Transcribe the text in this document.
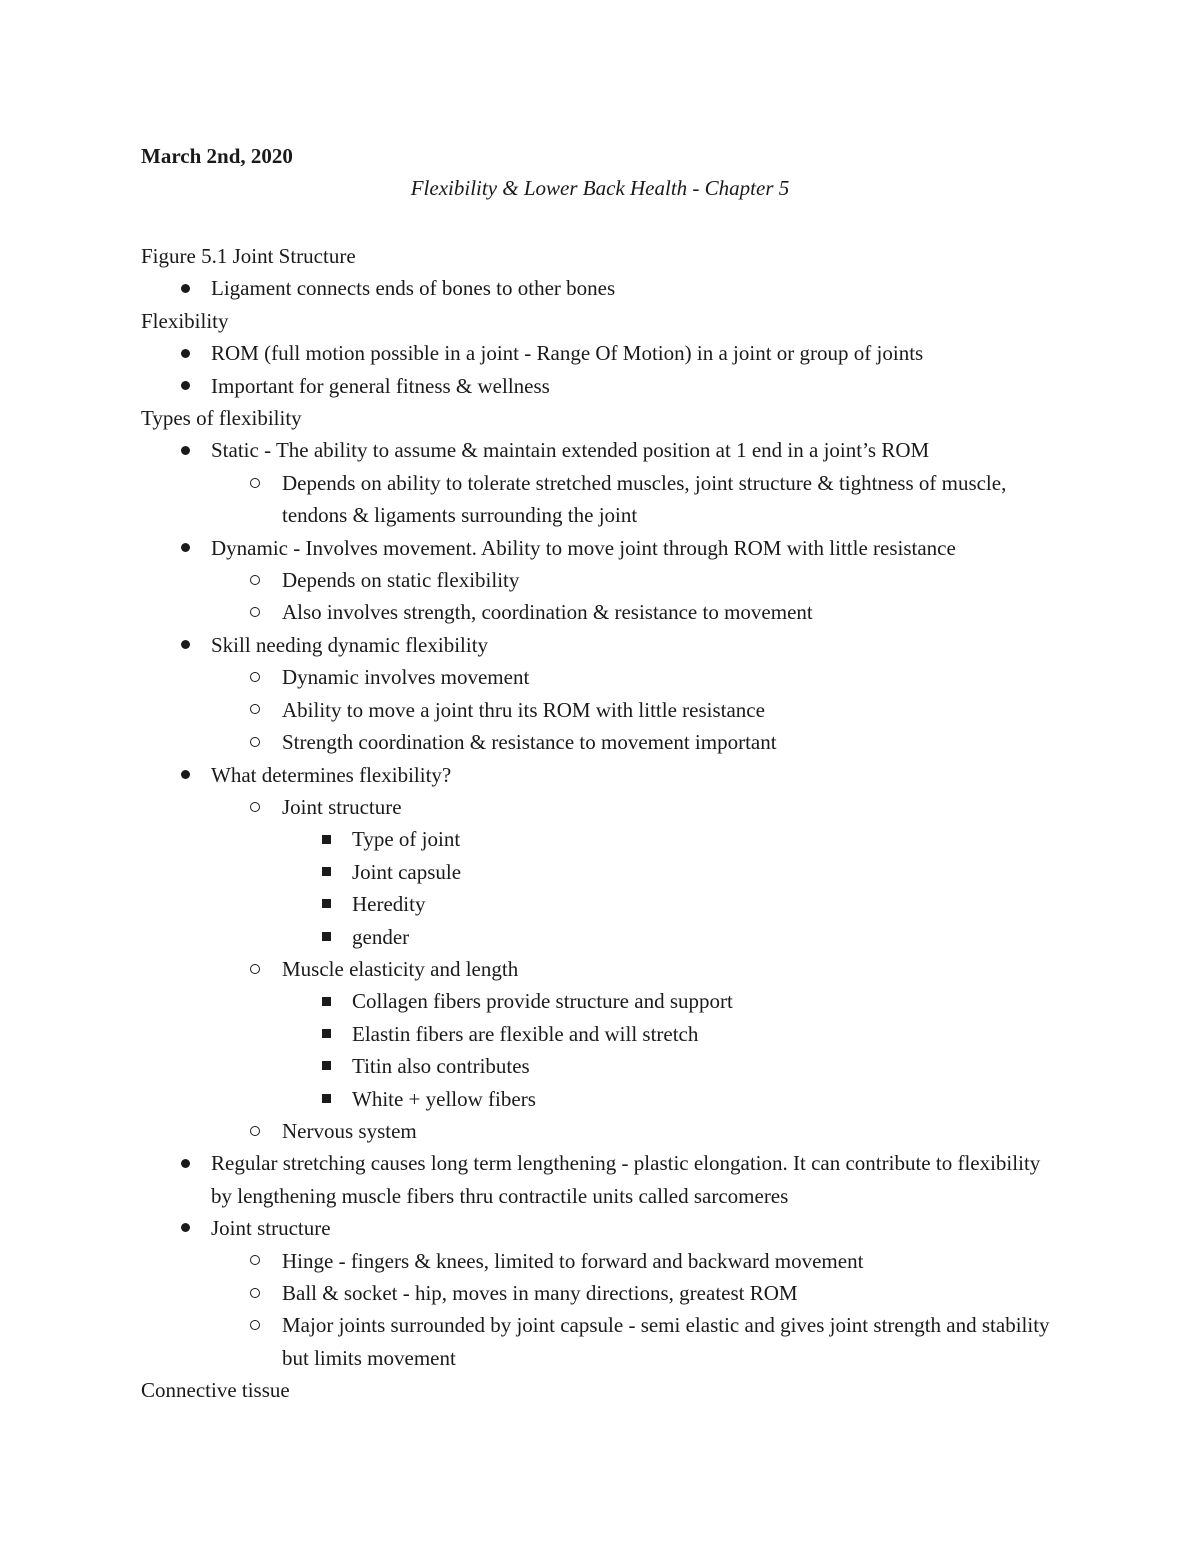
March 2nd, 2020
Flexibility & Lower Back Health - Chapter 5
Figure 5.1 Joint Structure
Ligament connects ends of bones to other bones
Flexibility
ROM (full motion possible in a joint - Range Of Motion) in a joint or group of joints
Important for general fitness & wellness
Types of flexibility
Static - The ability to assume & maintain extended position at 1 end in a joint’s ROM
Depends on ability to tolerate stretched muscles, joint structure & tightness of muscle, tendons & ligaments surrounding the joint
Dynamic - Involves movement. Ability to move joint through ROM with little resistance
Depends on static flexibility
Also involves strength, coordination & resistance to movement
Skill needing dynamic flexibility
Dynamic involves movement
Ability to move a joint thru its ROM with little resistance
Strength coordination & resistance to movement important
What determines flexibility?
Joint structure
Type of joint
Joint capsule
Heredity
gender
Muscle elasticity and length
Collagen fibers provide structure and support
Elastin fibers are flexible and will stretch
Titin also contributes
White + yellow fibers
Nervous system
Regular stretching causes long term lengthening - plastic elongation. It can contribute to flexibility by lengthening muscle fibers thru contractile units called sarcomeres
Joint structure
Hinge - fingers & knees, limited to forward and backward movement
Ball & socket - hip, moves in many directions, greatest ROM
Major joints surrounded by joint capsule - semi elastic and gives joint strength and stability but limits movement
Connective tissue
